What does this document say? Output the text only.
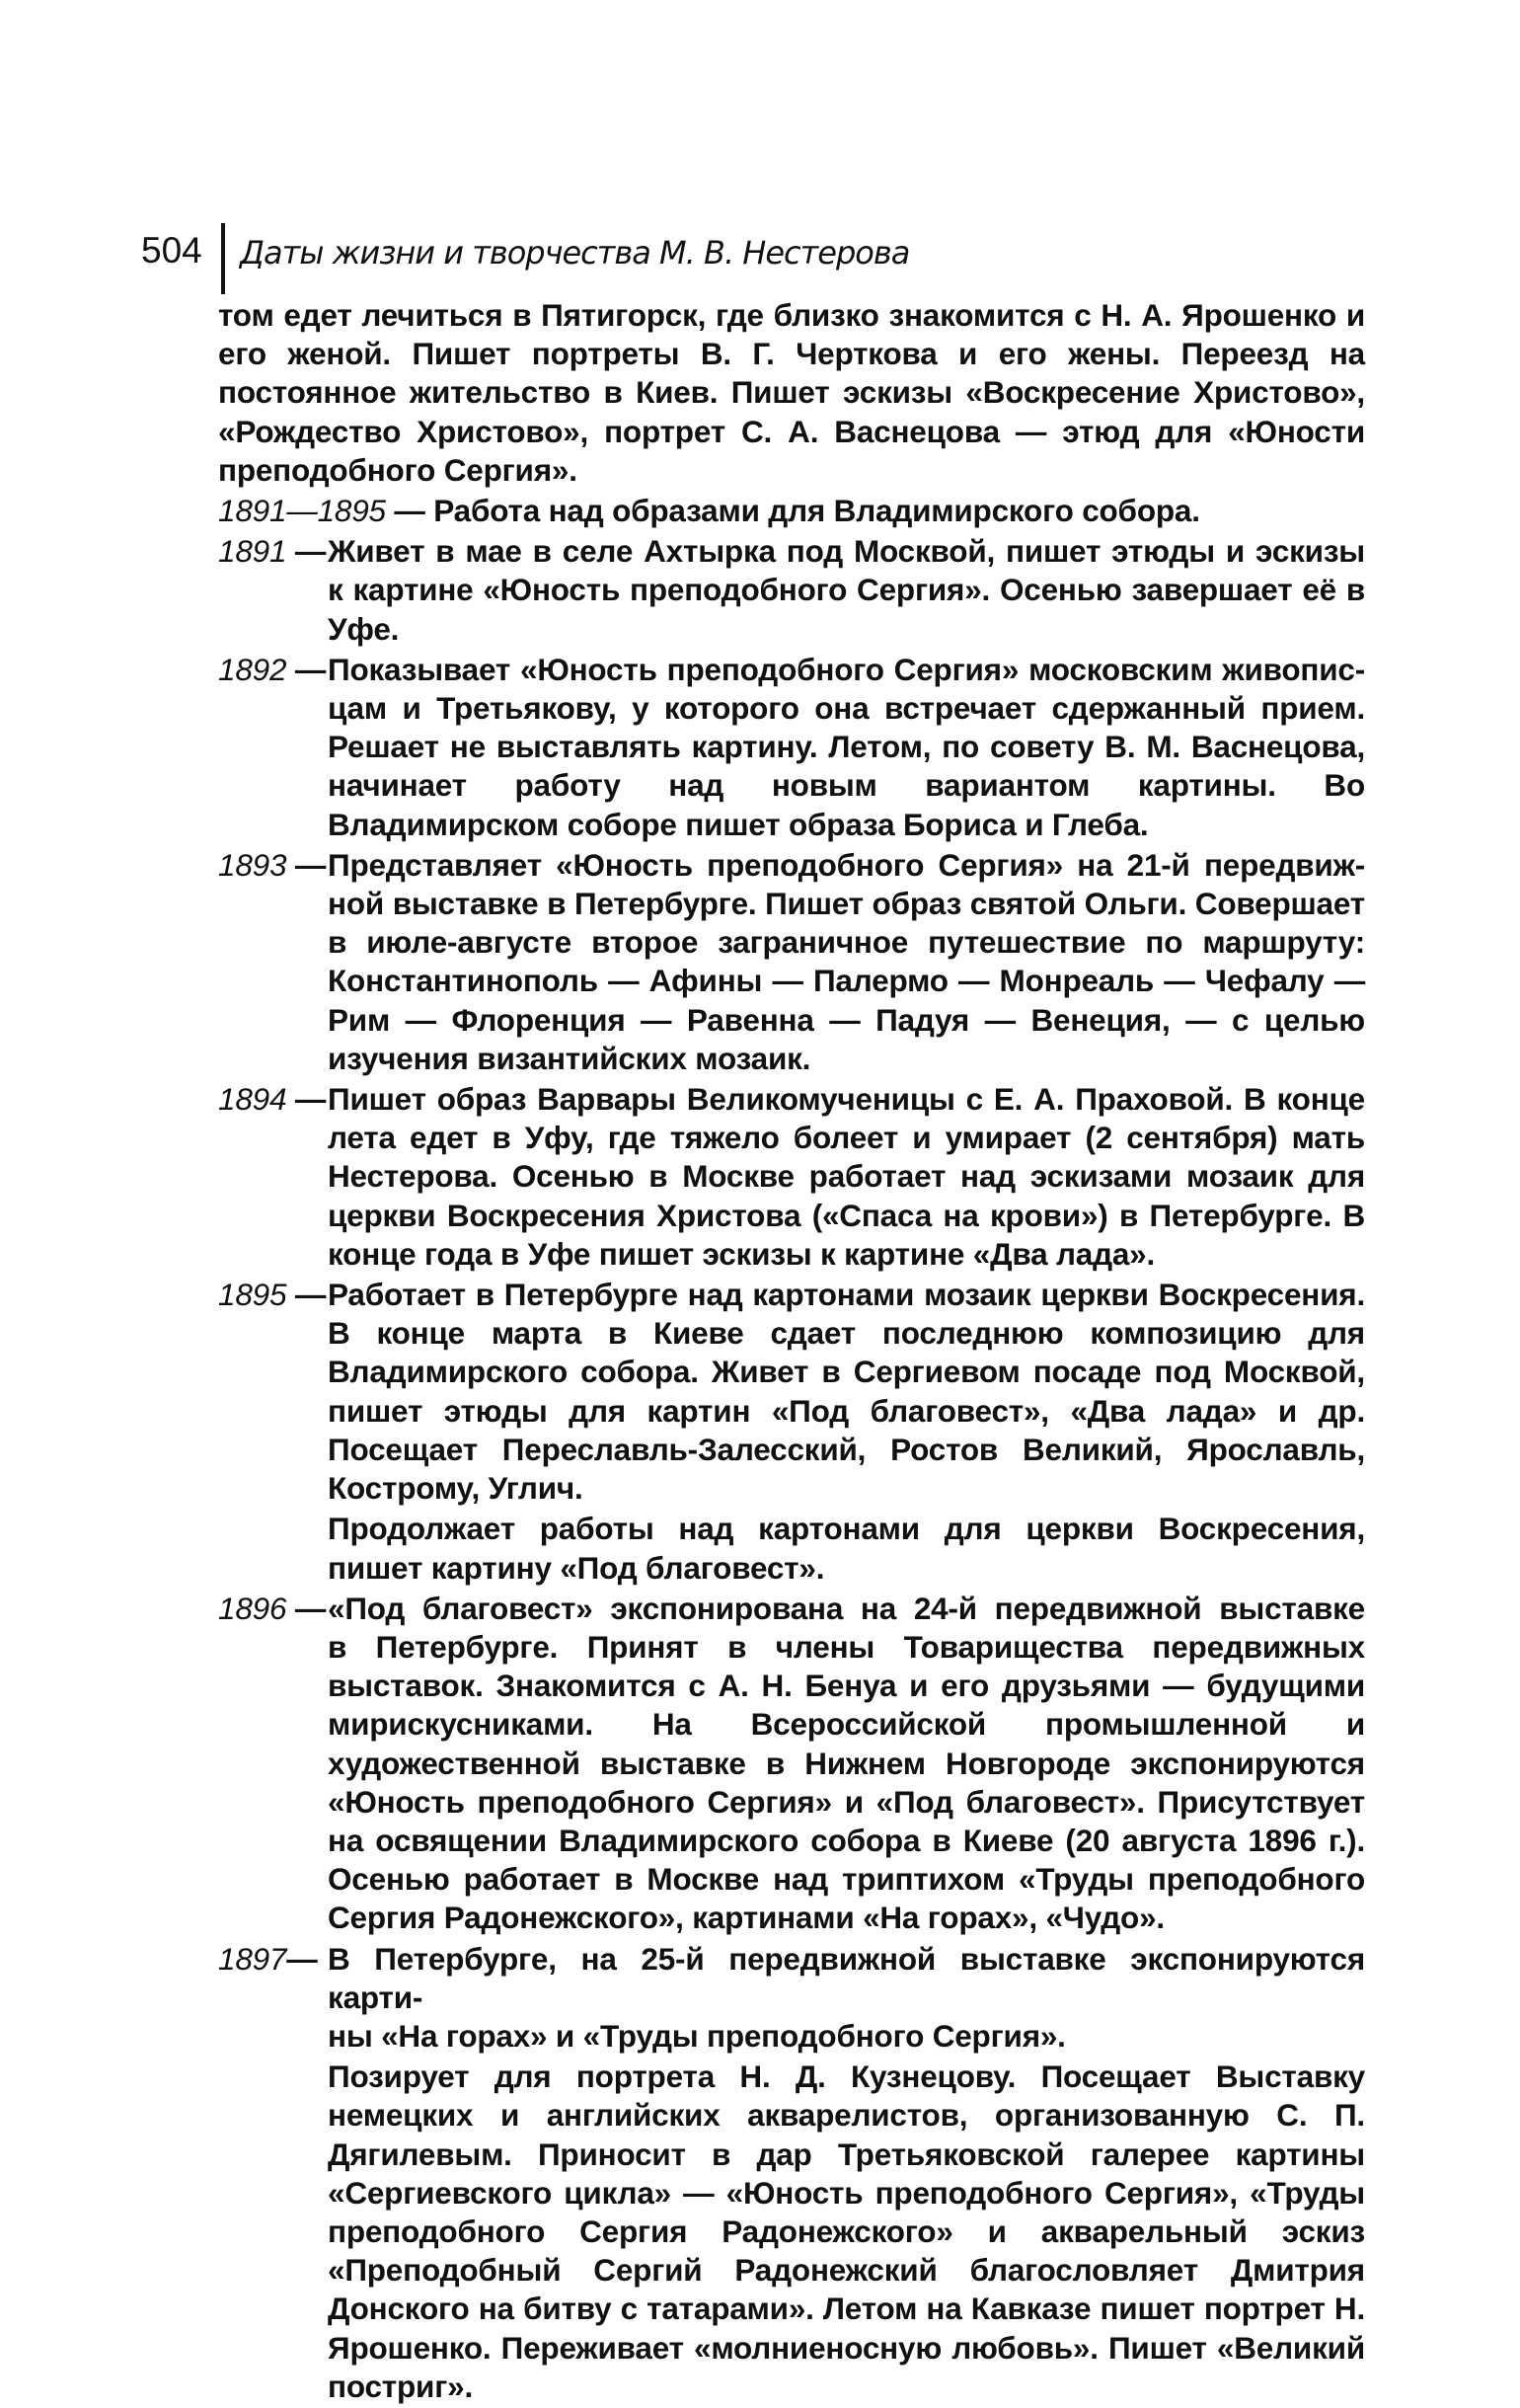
504 Даты жизни и творчества М. В. Нестерова

том едет лечиться в Пятигорск, где близко знакомится с Н. А. Ярошенко и его женой. Пишет портреты В. Г. Черткова и его жены. Переезд на постоянное жительство в Киев. Пишет эскизы «Воскресение Христово», «Рождество Христово», портрет С. А. Васнецова — этюд для «Юности преподобного Сергия».

1891—1895 — Работа над образами для Владимирского собора.
1891 — Живет в мае в селе Ахтырка под Москвой, пишет этюды и эскизы
к картине «Юность преподобного Сергия». Осенью завершает её в Уфе.
1892 — Показывает «Юность преподобного Сергия» московским живопис-
цам и Третьякову, у которого она встречает сдержанный прием. Решает не выставлять картину. Летом, по совету В. М. Васнецова, начинает работу над новым вариантом картины. Во Владимирском соборе пишет образа Бориса и Глеба.
1893 — Представляет «Юность преподобного Сергия» на 21-й передвиж-
ной выставке в Петербурге. Пишет образ святой Ольги. Совершает в июле-августе второе заграничное путешествие по маршруту: Константинополь — Афины — Палермо — Монреаль — Чефалу — Рим — Флоренция — Равенна — Падуя — Венеция, — с целью изучения византийских мозаик.
1894 — Пишет образ Варвары Великомученицы с Е. А. Праховой. В конце
лета едет в Уфу, где тяжело болеет и умирает (2 сентября) мать Нестерова. Осенью в Москве работает над эскизами мозаик для церкви Воскресения Христова («Спаса на крови») в Петербурге. В конце года в Уфе пишет эскизы к картине «Два лада».
1895 — Работает в Петербурге над картонами мозаик церкви Воскресения.
В конце марта в Киеве сдает последнюю композицию для Владимирского собора. Живет в Сергиевом посаде под Москвой, пишет этюды для картин «Под благовест», «Два лада» и др. Посещает Переславль-Залесский, Ростов Великий, Ярославль, Кострому, Углич.

Продолжает работы над картонами для церкви Воскресения, пишет картину «Под благовест».

1896 — «Под благовест» экспонирована на 24-й передвижной выставке
в Петербурге. Принят в члены Товарищества передвижных выставок. Знакомится с А. Н. Бенуа и его друзьями — будущими мирискусниками. На Всероссийской промышленной и художественной выставке в Нижнем Новгороде экспонируются «Юность преподобного Сергия» и «Под благовест». Присутствует на освящении Владимирского собора в Киеве (20 августа 1896 г.). Осенью работает в Москве над триптихом «Труды преподобного Сергия Радонежского», картинами «На горах», «Чудо».
1897— В Петербурге, на 25-й передвижной выставке экспонируются карти-
ны «На горах» и «Труды преподобного Сергия».

Позирует для портрета Н. Д. Кузнецову. Посещает Выставку немецких и английских акварелистов, организованную С. П. Дягилевым. Приносит в дар Третьяковской галерее картины «Сергиевского цикла» — «Юность преподобного Сергия», «Труды преподобного Сергия Радонежского» и акварельный эскиз «Преподобный Сергий Радонежский благословляет Дмитрия Донского на битву с татарами». Летом на Кавказе пишет портрет Н. Ярошенко. Переживает «молниеносную любовь». Пишет «Великий постриг».
